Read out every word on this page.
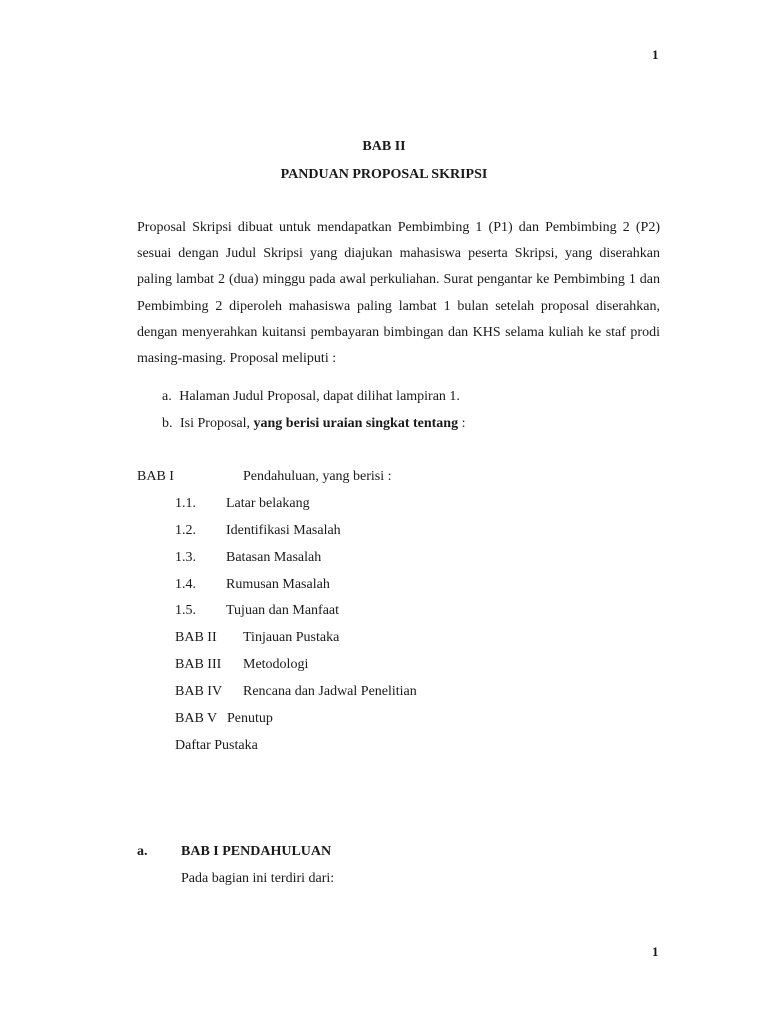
1
BAB II
PANDUAN PROPOSAL SKRIPSI
Proposal Skripsi dibuat untuk mendapatkan Pembimbing 1 (P1) dan Pembimbing 2 (P2) sesuai dengan Judul Skripsi yang diajukan mahasiswa peserta Skripsi, yang diserahkan paling lambat 2 (dua) minggu pada awal perkuliahan. Surat pengantar ke Pembimbing 1 dan Pembimbing 2 diperoleh mahasiswa paling lambat 1 bulan setelah proposal diserahkan, dengan menyerahkan kuitansi pembayaran bimbingan dan KHS selama kuliah ke staf prodi masing-masing. Proposal meliputi :
a. Halaman Judul Proposal, dapat dilihat lampiran 1.
b. Isi Proposal, yang berisi uraian singkat tentang :
BAB I	Pendahuluan, yang berisi :
1.1. Latar belakang
1.2. Identifikasi Masalah
1.3. Batasan Masalah
1.4. Rumusan Masalah
1.5. Tujuan dan Manfaat
BAB II Tinjauan Pustaka
BAB III Metodologi
BAB IV Rencana dan Jadwal Penelitian
BAB V Penutup
Daftar Pustaka
a. BAB I PENDAHULUAN
Pada bagian ini terdiri dari:
1
